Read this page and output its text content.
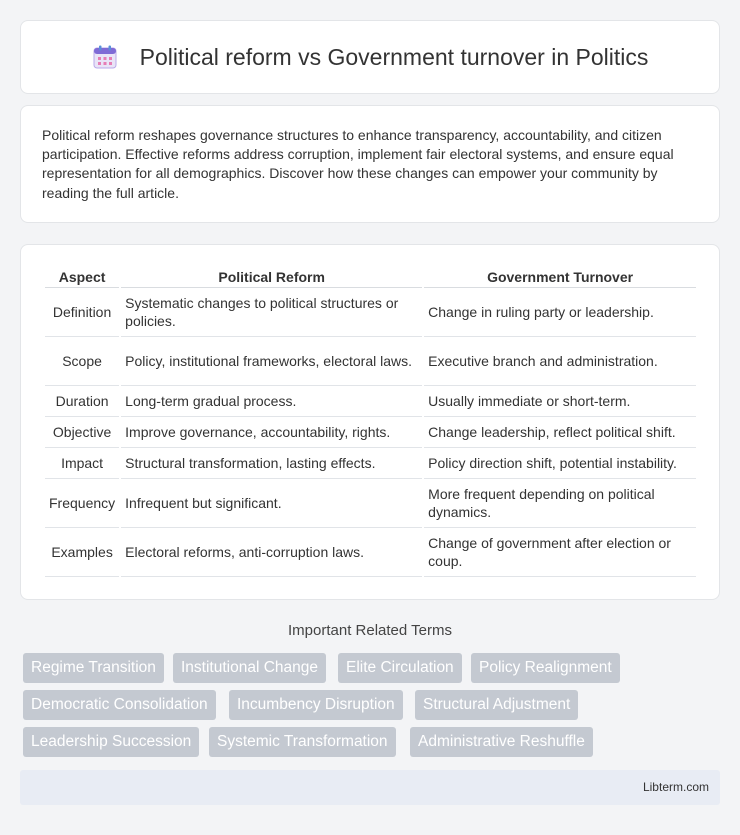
Political reform vs Government turnover in Politics

Political reform reshapes governance structures to enhance transparency, accountability, and citizen participation. Effective reforms address corruption, implement fair electoral systems, and ensure equal representation for all demographics. Discover how these changes can empower your community by reading the full article.

Aspect	Political Reform	Government Turnover
Definition	Systematic changes to political structures or policies.	Change in ruling party or leadership.
Scope	Policy, institutional frameworks, electoral laws.	Executive branch and administration.
Duration	Long-term gradual process.	Usually immediate or short-term.
Objective	Improve governance, accountability, rights.	Change leadership, reflect political shift.
Impact	Structural transformation, lasting effects.	Policy direction shift, potential instability.
Frequency	Infrequent but significant.	More frequent depending on political dynamics.
Examples	Electoral reforms, anti-corruption laws.	Change of government after election or coup.
Important Related Terms
Regime Transition	Institutional Change	Elite Circulation	Policy Realignment
Democratic Consolidation	Incumbency Disruption	Structural Adjustment
Leadership Succession	Systemic Transformation	Administrative Reshuffle
Libterm.com
